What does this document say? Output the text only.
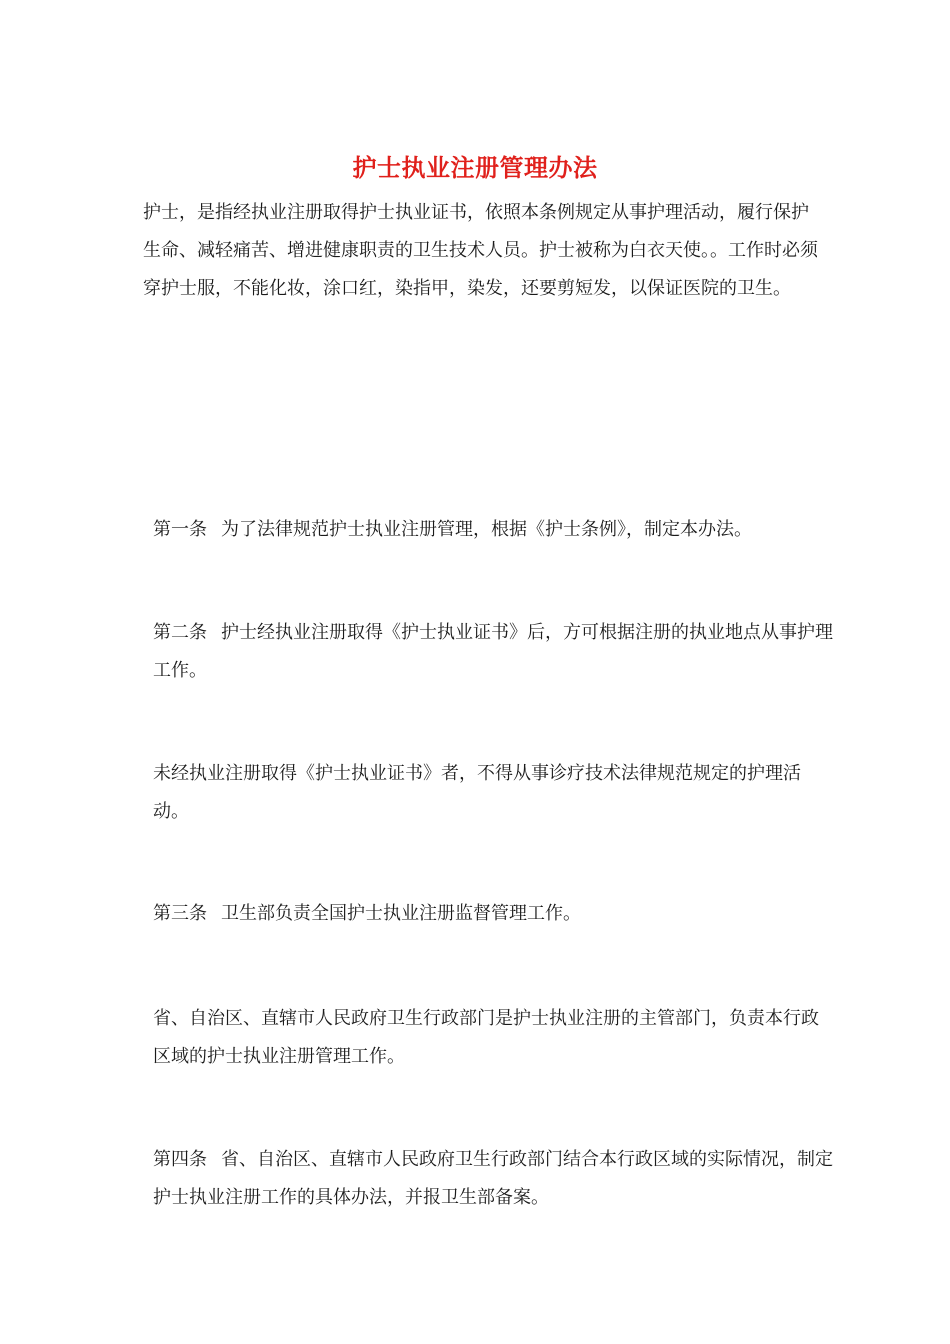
护士执业注册管理办法

护士，是指经执业注册取得护士执业证书，依照本条例规定从事护理活动，履行保护生命、减轻痛苦、增进健康职责的卫生技术人员。护士被称为白衣天使。。工作时必须穿护士服，不能化妆，涂口红，染指甲，染发，还要剪短发，以保证医院的卫生。

第一条 为了法律规范护士执业注册管理，根据《护士条例》，制定本办法。

第二条 护士经执业注册取得《护士执业证书》后，方可根据注册的执业地点从事护理工作。

未经执业注册取得《护士执业证书》者，不得从事诊疗技术法律规范规定的护理活动。

第三条 卫生部负责全国护士执业注册监督管理工作。

省、自治区、直辖市人民政府卫生行政部门是护士执业注册的主管部门，负责本行政区域的护士执业注册管理工作。

第四条 省、自治区、直辖市人民政府卫生行政部门结合本行政区域的实际情况，制定护士执业注册工作的具体办法，并报卫生部备案。
